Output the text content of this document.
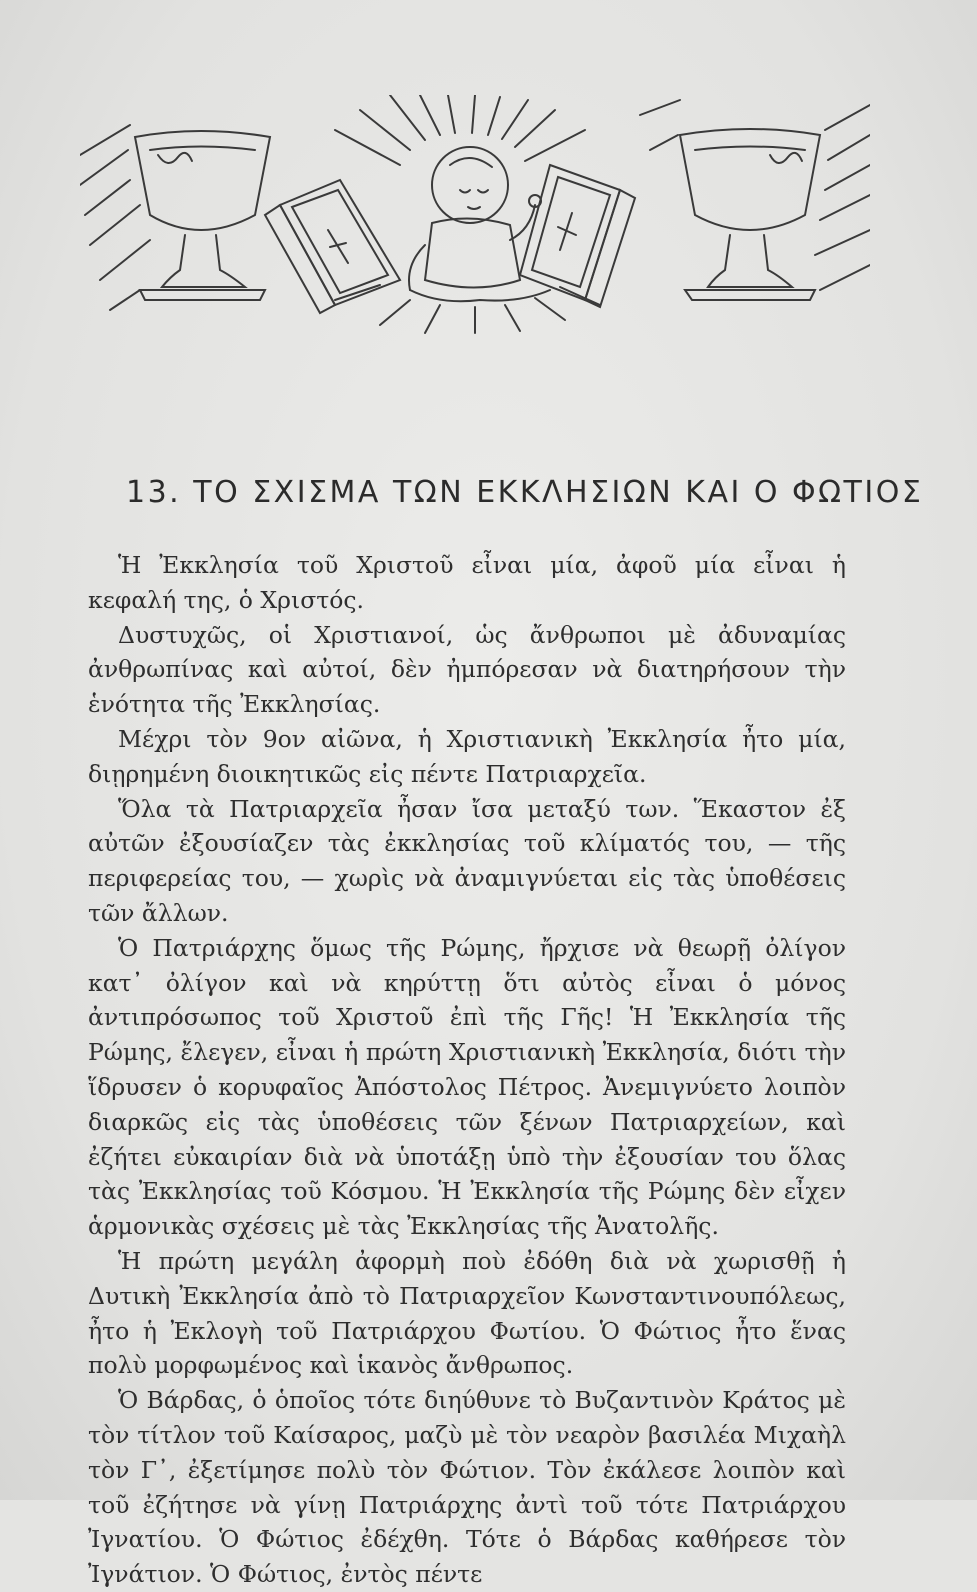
13. ΤΟ ΣΧΙΣΜΑ ΤΩΝ ΕΚΚΛΗΣΙΩΝ ΚΑΙ Ο ΦΩΤΙΟΣ

Ἡ Ἐκκλησία τοῦ Χριστοῦ εἶναι μία, ἀφοῦ μία εἶναι ἡ κεφαλή της, ὁ Χριστός.

Δυστυχῶς, οἱ Χριστιανοί, ὡς ἄνθρωποι μὲ ἀδυναμίας ἀνθρωπίνας καὶ αὐτοί, δὲν ἠμπόρεσαν νὰ διατηρήσουν τὴν ἑνότητα τῆς Ἐκκλησίας.

Μέχρι τὸν 9ον αἰῶνα, ἡ Χριστιανικὴ Ἐκκλησία ἦτο μία, διῃρημένη διοικητικῶς εἰς πέντε Πατριαρχεῖα.

Ὅλα τὰ Πατριαρχεῖα ἦσαν ἴσα μεταξύ των. Ἕκαστον ἐξ αὐτῶν ἐξουσίαζεν τὰς ἐκκλησίας τοῦ κλίματός του, — τῆς περιφερείας του, — χωρὶς νὰ ἀναμιγνύεται εἰς τὰς ὑποθέσεις τῶν ἄλλων.

Ὁ Πατριάρχης ὅμως τῆς Ρώμης, ἤρχισε νὰ θεωρῇ ὀλίγον κατ᾽ ὀλίγον καὶ νὰ κηρύττῃ ὅτι αὐτὸς εἶναι ὁ μόνος ἀντιπρόσωπος τοῦ Χριστοῦ ἐπὶ τῆς Γῆς! Ἡ Ἐκκλησία τῆς Ρώμης, ἔλεγεν, εἶναι ἡ πρώτη Χριστιανικὴ Ἐκκλησία, διότι τὴν ἵδρυσεν ὁ κορυφαῖος Ἀπόστολος Πέτρος. Ἀνεμιγνύετο λοιπὸν διαρκῶς εἰς τὰς ὑποθέσεις τῶν ξένων Πατριαρχείων, καὶ ἐζήτει εὐκαιρίαν διὰ νὰ ὑποτάξῃ ὑπὸ τὴν ἐξουσίαν του ὅλας τὰς Ἐκκλησίας τοῦ Κόσμου. Ἡ Ἐκκλησία τῆς Ρώμης δὲν εἶχεν ἁρμονικὰς σχέσεις μὲ τὰς Ἐκκλησίας τῆς Ἀνατολῆς.

Ἡ πρώτη μεγάλη ἀφορμὴ ποὺ ἐδόθη διὰ νὰ χωρισθῇ ἡ Δυτικὴ Ἐκκλησία ἀπὸ τὸ Πατριαρχεῖον Κωνσταντινουπόλεως, ἦτο ἡ Ἐκλογὴ τοῦ Πατριάρχου Φωτίου. Ὁ Φώτιος ἦτο ἕνας πολὺ μορφωμένος καὶ ἱκανὸς ἄνθρωπος.

Ὁ Βάρδας, ὁ ὁποῖος τότε διηύθυνε τὸ Βυζαντινὸν Κράτος μὲ τὸν τίτλον τοῦ Καίσαρος, μαζὺ μὲ τὸν νεαρὸν βασιλέα Μιχαὴλ τὸν Γ᾽, ἐξετίμησε πολὺ τὸν Φώτιον. Τὸν ἐκάλεσε λοιπὸν καὶ τοῦ ἐζήτησε νὰ γίνῃ Πατριάρχης ἀντὶ τοῦ τότε Πατριάρχου Ἰγνατίου. Ὁ Φώτιος ἐδέχθη. Τότε ὁ Βάρδας καθήρεσε τὸν Ἰγνάτιον. Ὁ Φώτιος, ἐντὸς πέντε
